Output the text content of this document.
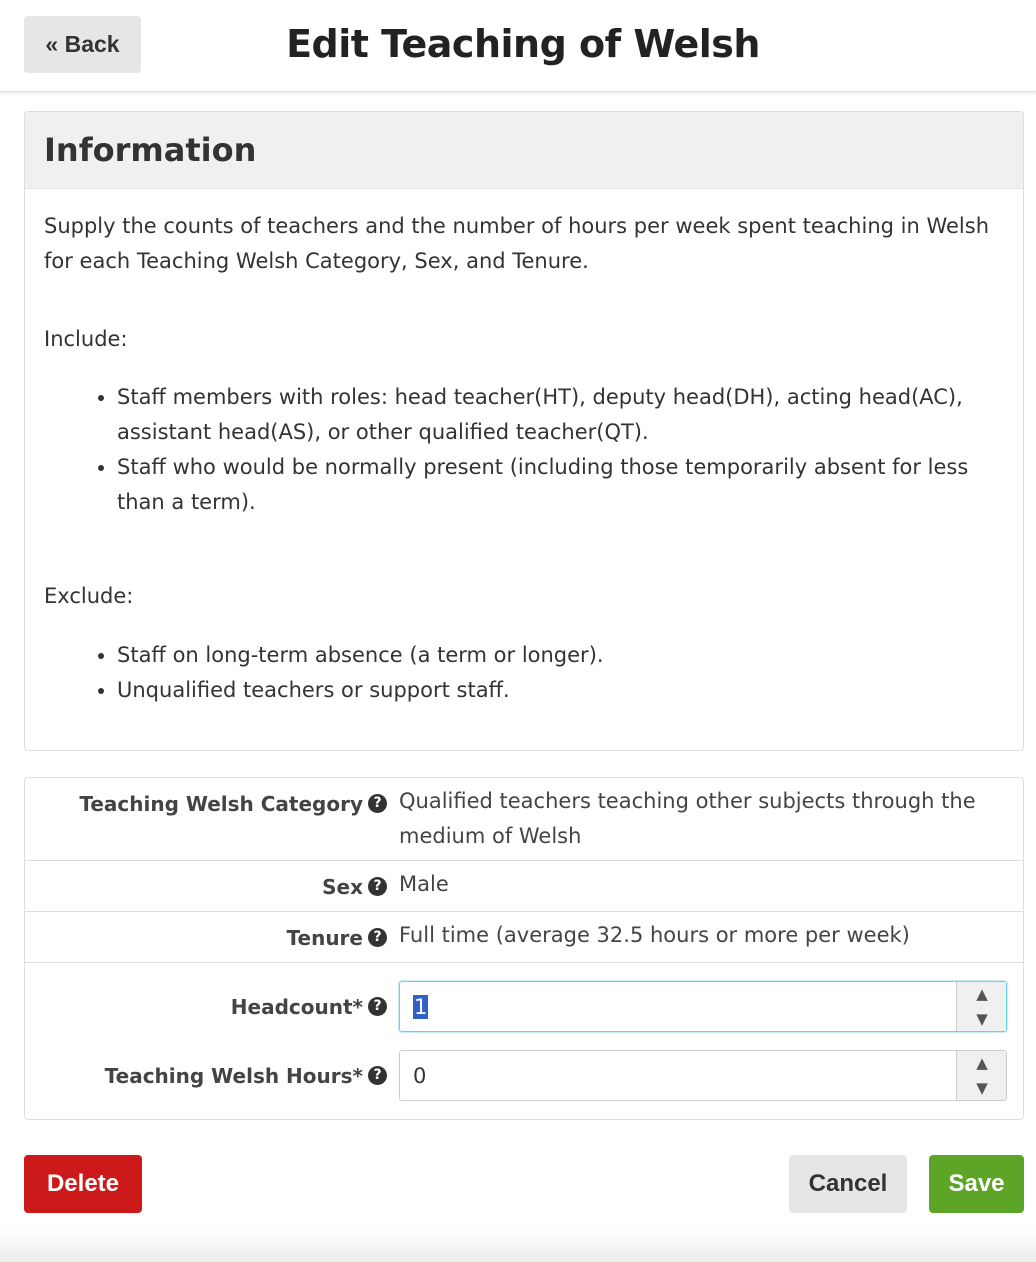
« Back	Edit Teaching of Welsh
Information

Supply the counts of teachers and the number of hours per week spent teaching in Welsh for each Teaching Welsh Category, Sex, and Tenure.

Include:

• Staff members with roles: head teacher(HT), deputy head(DH), acting head(AC), assistant head(AS), or other qualified teacher(QT).
• Staff who would be normally present (including those temporarily absent for less than a term).

Exclude:

• Staff on long-term absence (a term or longer).
• Unqualified teachers or support staff.
Teaching Welsh Category ? Qualified teachers teaching other subjects through the medium of Welsh
Sex ? Male
Tenure ? Full time (average 32.5 hours or more per week)
Headcount* ? 1
▲
▼
Teaching Welsh Hours* ? 0
▲
▼
Delete	Cancel	Save
